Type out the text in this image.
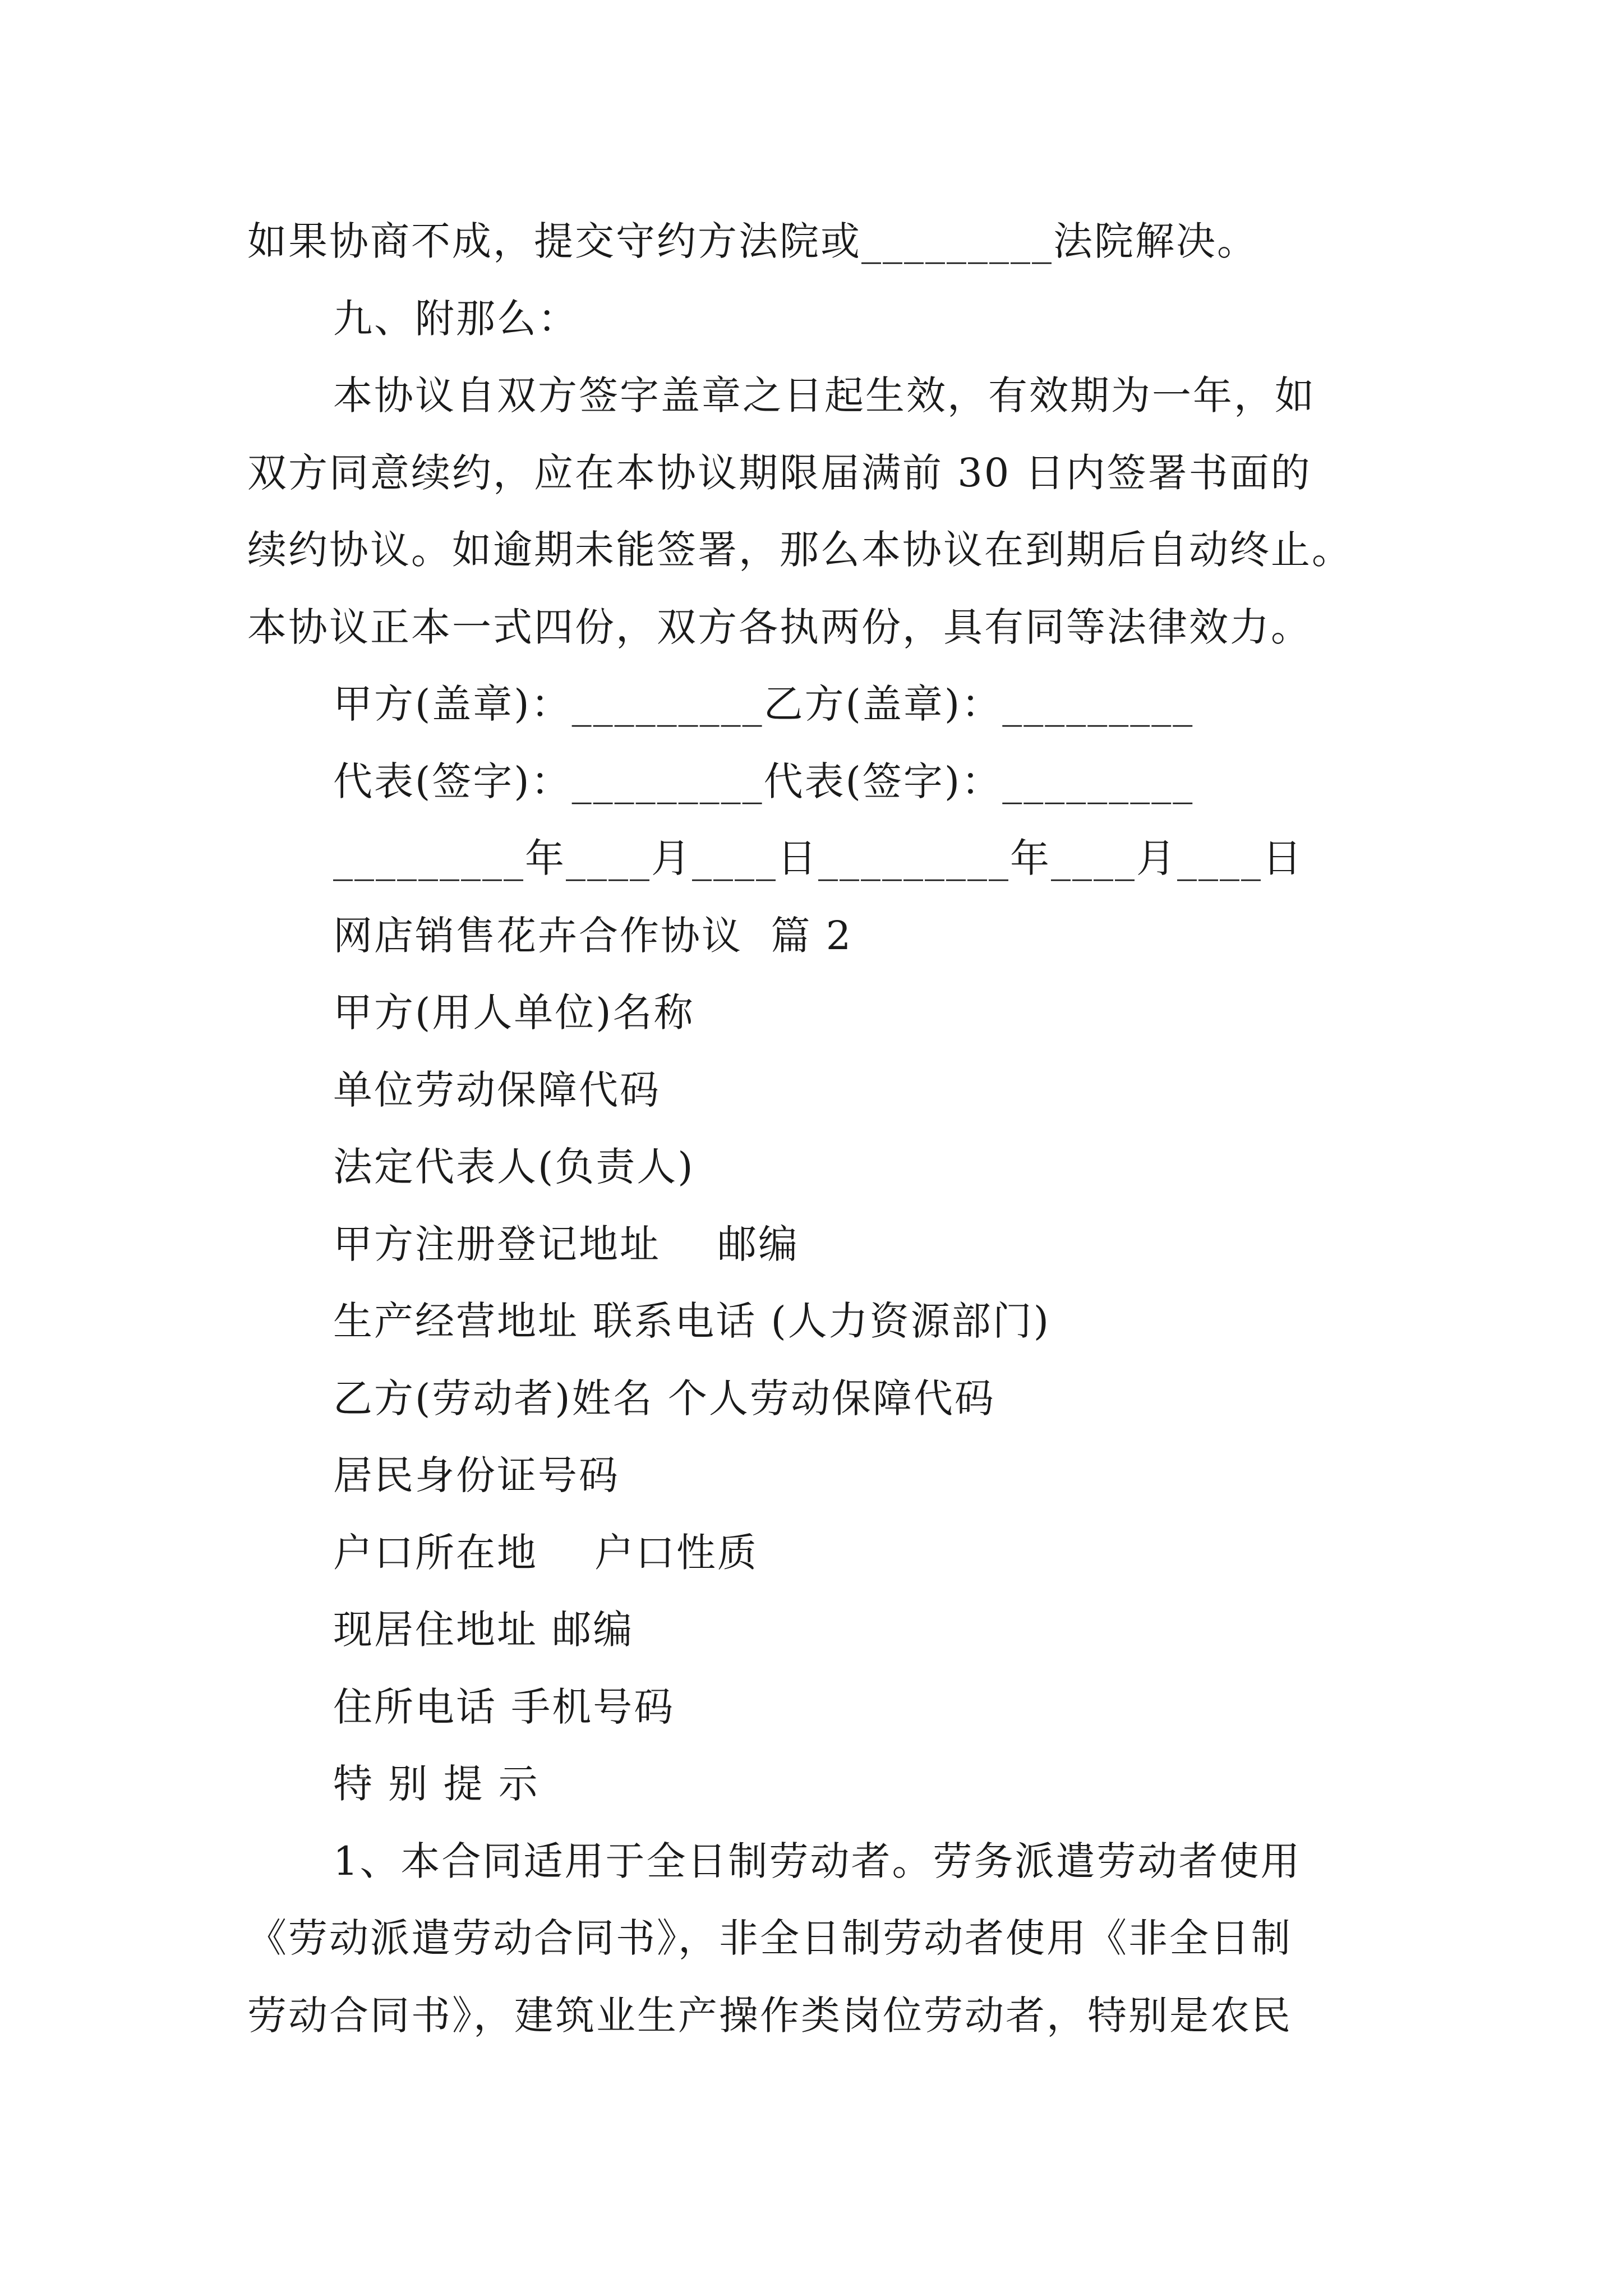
如果协商不成，提交守约方法院或_________法院解决。
九、附那么：
本协议自双方签字盖章之日起生效，有效期为一年，如
双方同意续约，应在本协议期限届满前 30 日内签署书面的
续约协议。如逾期未能签署，那么本协议在到期后自动终止。
本协议正本一式四份，双方各执两份，具有同等法律效力。
甲方(盖章)：_________乙方(盖章)：_________
代表(签字)：_________代表(签字)：_________
_________年____月____日_________年____月____日
网店销售花卉合作协议  篇 2
甲方(用人单位)名称
单位劳动保障代码
法定代表人(负责人)
甲方注册登记地址    邮编
生产经营地址 联系电话 (人力资源部门)
乙方(劳动者)姓名 个人劳动保障代码
居民身份证号码
户口所在地    户口性质
现居住地址 邮编
住所电话 手机号码
特 别 提 示
1、本合同适用于全日制劳动者。劳务派遣劳动者使用
《劳动派遣劳动合同书》，非全日制劳动者使用《非全日制
劳动合同书》，建筑业生产操作类岗位劳动者，特别是农民
